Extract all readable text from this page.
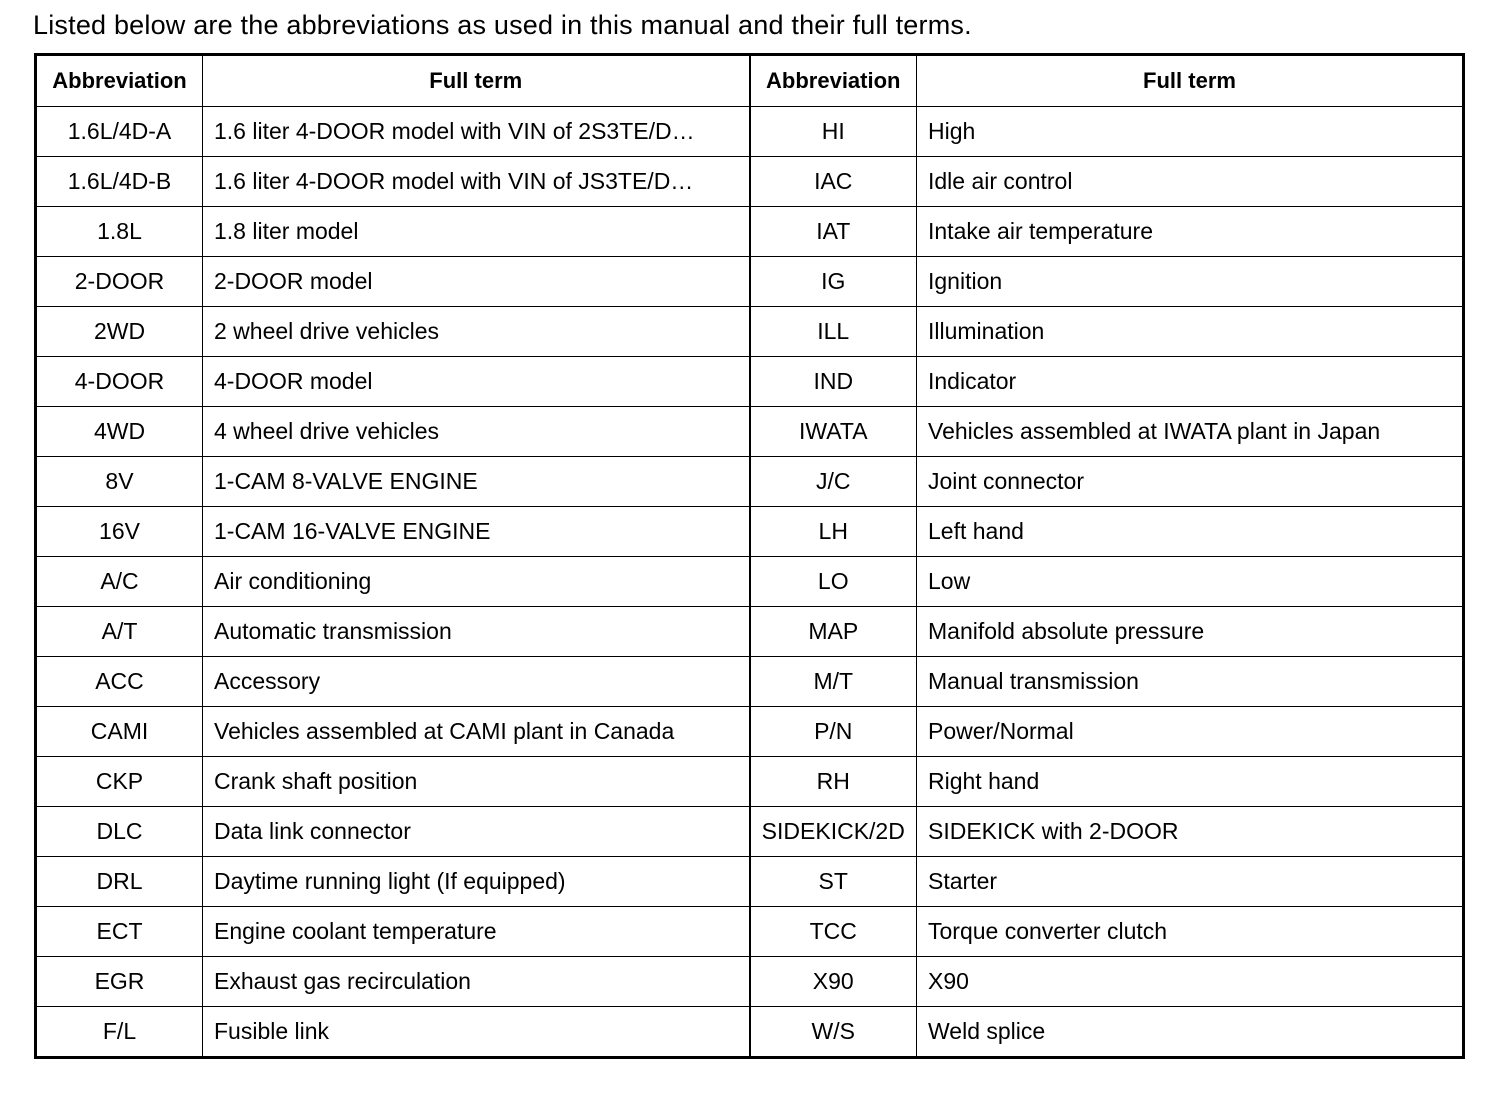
Listed below are the abbreviations as used in this manual and their full terms.
Abbreviation	Full term	Abbreviation	Full term
1.6L/4D-A	1.6 liter 4-DOOR model with VIN of 2S3TE/D…	HI	High
1.6L/4D-B	1.6 liter 4-DOOR model with VIN of JS3TE/D…	IAC	Idle air control
1.8L	1.8 liter model	IAT	Intake air temperature
2-DOOR	2-DOOR model	IG	Ignition
2WD	2 wheel drive vehicles	ILL	Illumination
4-DOOR	4-DOOR model	IND	Indicator
4WD	4 wheel drive vehicles	IWATA	Vehicles assembled at IWATA plant in Japan
8V	1-CAM 8-VALVE ENGINE	J/C	Joint connector
16V	1-CAM 16-VALVE ENGINE	LH	Left hand
A/C	Air conditioning	LO	Low
A/T	Automatic transmission	MAP	Manifold absolute pressure
ACC	Accessory	M/T	Manual transmission
CAMI	Vehicles assembled at CAMI plant in Canada	P/N	Power/Normal
CKP	Crank shaft position	RH	Right hand
DLC	Data link connector	SIDEKICK/2D	SIDEKICK with 2-DOOR
DRL	Daytime running light (If equipped)	ST	Starter
ECT	Engine coolant temperature	TCC	Torque converter clutch
EGR	Exhaust gas recirculation	X90	X90
F/L	Fusible link	W/S	Weld splice
